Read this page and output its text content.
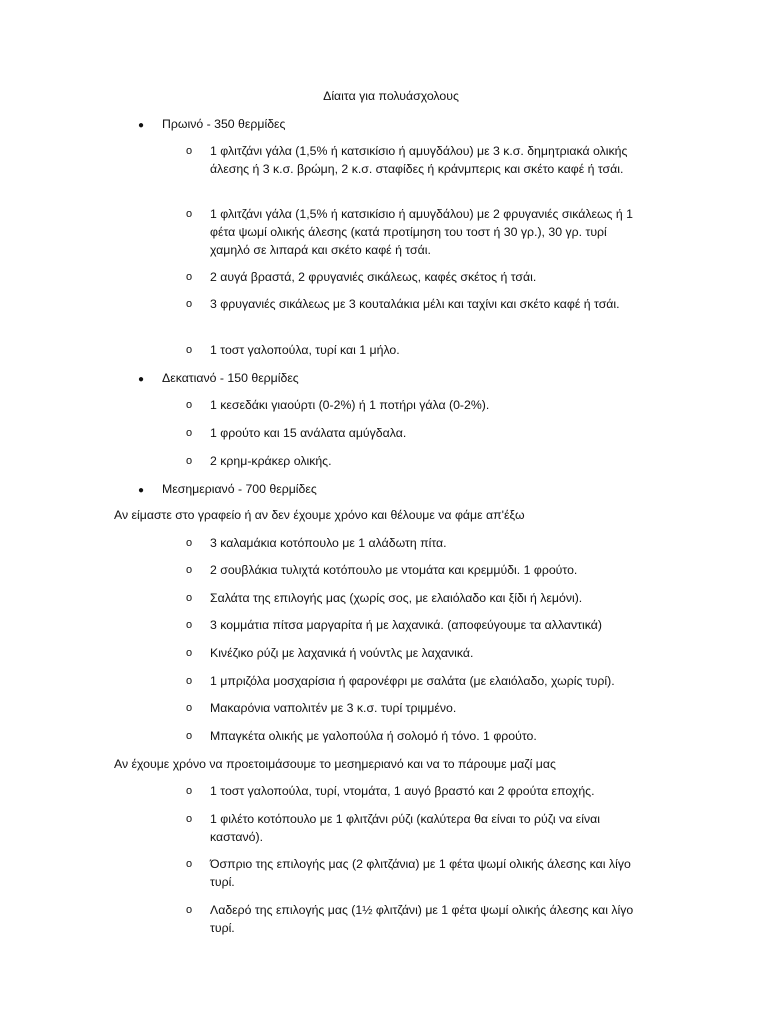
Δίαιτα για πολυάσχολους
● Πρωινό - 350 θερμίδες
o 1 φλιτζάνι γάλα (1,5% ή κατσικίσιο ή αμυγδάλου) με 3 κ.σ. δημητριακά ολικής άλεσης ή 3 κ.σ. βρώμη, 2 κ.σ. σταφίδες ή κράνμπερις και σκέτο καφέ ή τσάι.
o 1 φλιτζάνι γάλα (1,5% ή κατσικίσιο ή αμυγδάλου) με 2 φρυγανιές σικάλεως ή 1 φέτα ψωμί ολικής άλεσης (κατά προτίμηση του τοστ ή 30 γρ.), 30 γρ. τυρί χαμηλό σε λιπαρά και σκέτο καφέ ή τσάι.
o 2 αυγά βραστά, 2 φρυγανιές σικάλεως, καφές σκέτος ή τσάι.
o 3 φρυγανιές σικάλεως με 3 κουταλάκια μέλι και ταχίνι και σκέτο καφέ ή τσάι.
o 1 τοστ γαλοπούλα, τυρί και 1 μήλο.
● Δεκατιανό - 150 θερμίδες
o 1 κεσεδάκι γιαούρτι (0-2%) ή 1 ποτήρι γάλα (0-2%).
o 1 φρούτο και 15 ανάλατα αμύγδαλα.
o 2 κρημ-κράκερ ολικής.
● Μεσημεριανό - 700 θερμίδες
Αν είμαστε στο γραφείο ή αν δεν έχουμε χρόνο και θέλουμε να φάμε απ'έξω
o 3 καλαμάκια κοτόπουλο με 1 αλάδωτη πίτα.
o 2 σουβλάκια τυλιχτά κοτόπουλο με ντομάτα και κρεμμύδι. 1 φρούτο.
o Σαλάτα της επιλογής μας (χωρίς σος, με ελαιόλαδο και ξίδι ή λεμόνι).
o 3 κομμάτια πίτσα μαργαρίτα ή με λαχανικά. (αποφεύγουμε τα αλλαντικά)
o Κινέζικο ρύζι με λαχανικά ή νούντλς με λαχανικά.
o 1 μπριζόλα μοσχαρίσια ή φαρονέφρι με σαλάτα (με ελαιόλαδο, χωρίς τυρί).
o Μακαρόνια ναπολιτέν με 3 κ.σ. τυρί τριμμένο.
o Μπαγκέτα ολικής με γαλοπούλα ή σολομό ή τόνο. 1 φρούτο.
Αν έχουμε χρόνο να προετοιμάσουμε το μεσημεριανό και να το πάρουμε μαζί μας
o 1 τοστ γαλοπούλα, τυρί, ντομάτα, 1 αυγό βραστό και 2 φρούτα εποχής.
o 1 φιλέτο κοτόπουλο με 1 φλιτζάνι ρύζι (καλύτερα θα είναι το ρύζι να είναι καστανό).
o Όσπριο της επιλογής μας (2 φλιτζάνια) με 1 φέτα ψωμί ολικής άλεσης και λίγο τυρί.
o Λαδερό της επιλογής μας (1½ φλιτζάνι) με 1 φέτα ψωμί ολικής άλεσης και λίγο τυρί.
